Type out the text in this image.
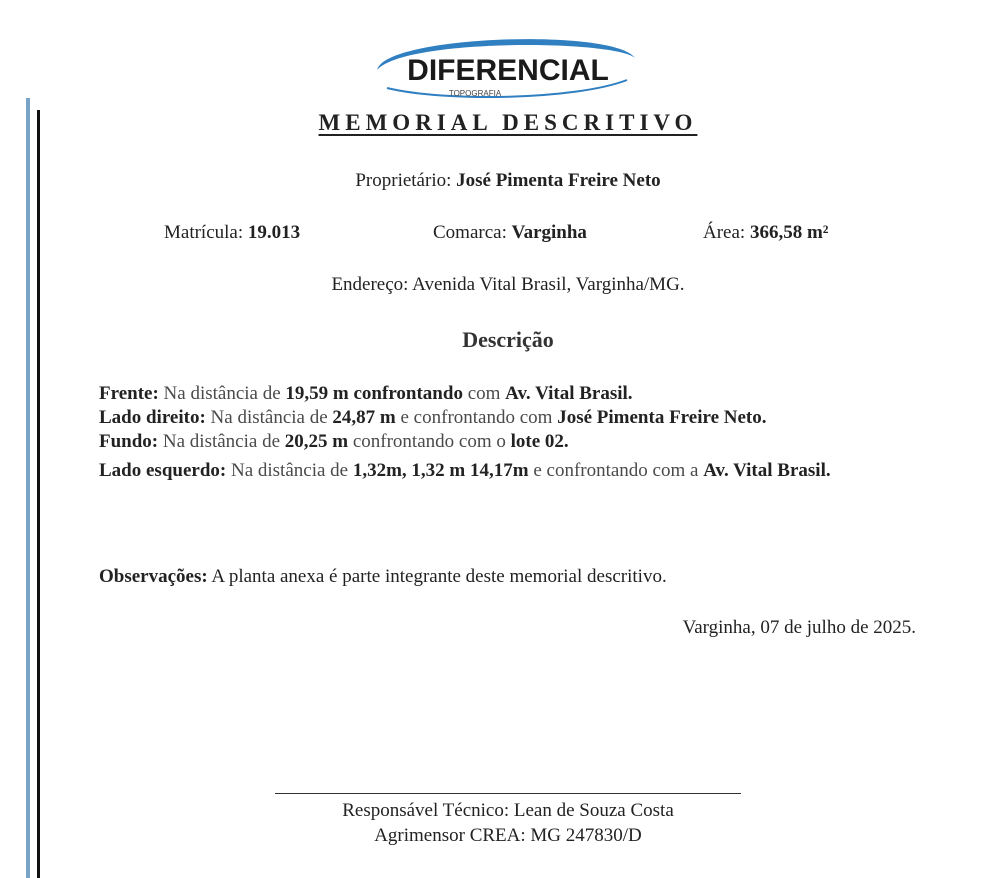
DIFERENCIAL
TOPOGRAFIA
MEMORIAL DESCRITIVO
Proprietário: José Pimenta Freire Neto
Matrícula: 19.013	Comarca: Varginha	Área: 366,58 m²
Endereço: Avenida Vital Brasil, Varginha/MG.
Descrição
Frente: Na distância de 19,59 m confrontando com Av. Vital Brasil.
Lado direito: Na distância de 24,87 m e confrontando com José Pimenta Freire Neto.
Fundo: Na distância de 20,25 m confrontando com o lote 02.
Lado esquerdo: Na distância de 1,32m, 1,32 m 14,17m e confrontando com a Av. Vital Brasil.
Observações: A planta anexa é parte integrante deste memorial descritivo.
Varginha, 07 de julho de 2025.
Responsável Técnico: Lean de Souza Costa
Agrimensor CREA: MG 247830/D
